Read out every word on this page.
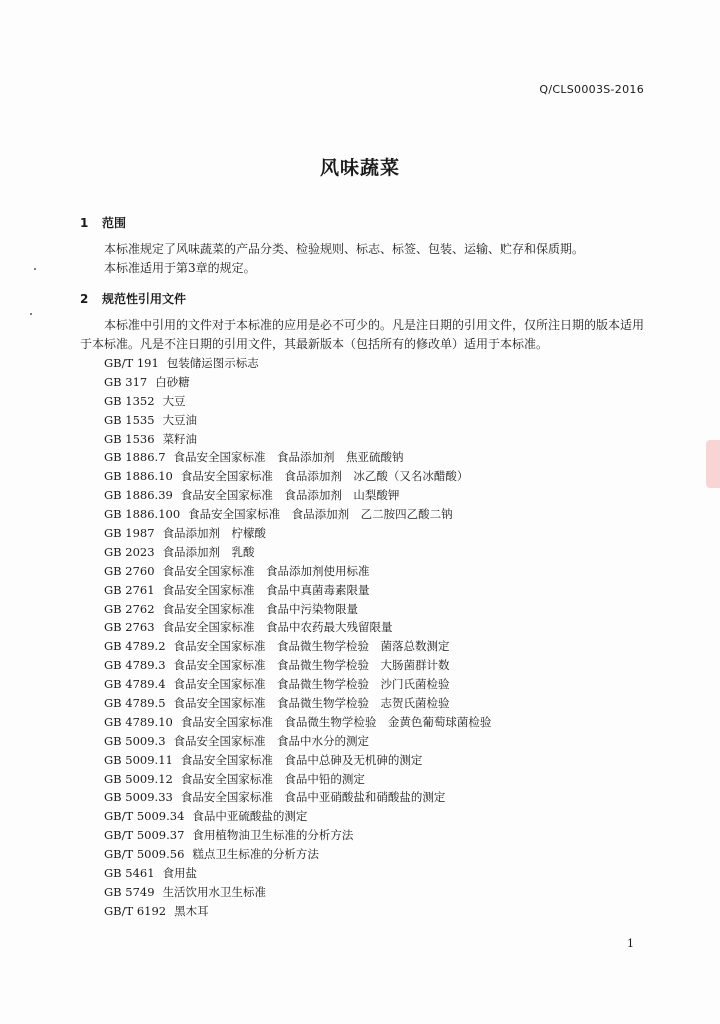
Q/CLS0003S-2016
风味蔬菜
1 范围
本标准规定了风味蔬菜的产品分类、检验规则、标志、标签、包装、运输、贮存和保质期。
本标准适用于第3章的规定。
2 规范性引用文件
本标准中引用的文件对于本标准的应用是必不可少的。凡是注日期的引用文件，仅所注日期的版本适用于本标准。凡是不注日期的引用文件，其最新版本（包括所有的修改单）适用于本标准。
GB/T 191 包装储运图示标志
GB 317 白砂糖
GB 1352 大豆
GB 1535 大豆油
GB 1536 菜籽油
GB 1886.7 食品安全国家标准　食品添加剂　焦亚硫酸钠
GB 1886.10 食品安全国家标准　食品添加剂　冰乙酸（又名冰醋酸）
GB 1886.39 食品安全国家标准　食品添加剂　山梨酸钾
GB 1886.100 食品安全国家标准　食品添加剂　乙二胺四乙酸二钠
GB 1987 食品添加剂　柠檬酸
GB 2023 食品添加剂　乳酸
GB 2760 食品安全国家标准　食品添加剂使用标准
GB 2761 食品安全国家标准　食品中真菌毒素限量
GB 2762 食品安全国家标准　食品中污染物限量
GB 2763 食品安全国家标准　食品中农药最大残留限量
GB 4789.2 食品安全国家标准　食品微生物学检验　菌落总数测定
GB 4789.3 食品安全国家标准　食品微生物学检验　大肠菌群计数
GB 4789.4 食品安全国家标准　食品微生物学检验　沙门氏菌检验
GB 4789.5 食品安全国家标准　食品微生物学检验　志贺氏菌检验
GB 4789.10 食品安全国家标准　食品微生物学检验　金黄色葡萄球菌检验
GB 5009.3 食品安全国家标准　食品中水分的测定
GB 5009.11 食品安全国家标准　食品中总砷及无机砷的测定
GB 5009.12 食品安全国家标准　食品中铅的测定
GB 5009.33 食品安全国家标准　食品中亚硝酸盐和硝酸盐的测定
GB/T 5009.34 食品中亚硫酸盐的测定
GB/T 5009.37 食用植物油卫生标准的分析方法
GB/T 5009.56 糕点卫生标准的分析方法
GB 5461 食用盐
GB 5749 生活饮用水卫生标准
GB/T 6192 黑木耳
1
